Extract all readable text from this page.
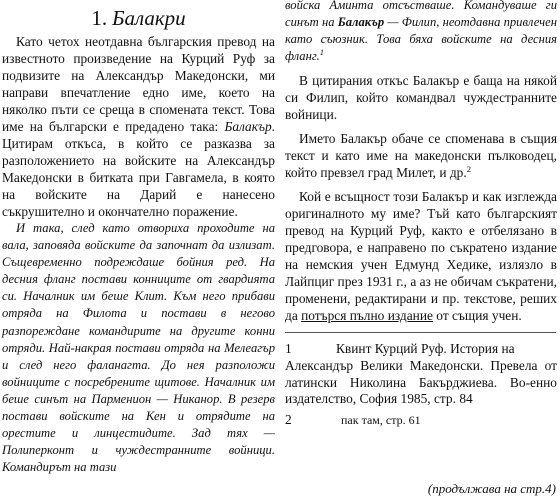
1. Балакри

Като четох неотдавна българския превод на известното произведение на Курций Руф за подвизите на Александър Македонски, ми направи впечатление едно име, което на няколко пъти се среща в спомената текст. Това име на български е предадено така: Балакър. Цитирам откъса, в който се разказва за разположението на войските на Александър Македонски в битката при Гавгамела, в която на войските на Дарий е нанесено съкрушително и окончателно поражение.

И така, след като отворихa проходите на вала, заповяда войските да започнат да излизат. Същевременно подреждаше бойния ред. На десния фланг постави конниците от гвардията си. Началник им беше Клит. Към него прибави отряда на Филота и постави в негово разпореждане командирите на другите конни отряди. Най-накрая постави отряда на Мелеагър и след него фаланагта. До нея разположи войниците с посребрените щитове. Началник им беше синът на Парменион — Никанор. В резерв постави войските на Кен и отрядите на орестите и линцестидите. Зад тях — Полиперконт и чуждестранните войници. Командирът на тази

войска Аминта отсъстваше. Командуваше ги синът на Балакър — Филип, неотдавна привлечен като съюзник. Това бяха войските на десния фланг.$^1$

В цитирания откъс Балакър е баща на някой си Филип, който командвал чуждестранните войници.

Името Балакър обаче се споменава в същия текст и като име на македонски пълководец, който превзел град Милет, и др.$^2$

Кой е всъщност този Балакър и как изглежда оригиналното му име? Тъй като българският превод на Курций Руф, както е отбелязано в предговора, е направено по съкратено издание на немския учен Едмунд Хедике, излязло в Лайпциг през 1931 г., а аз не обичам съкратени, променени, редактирани и пр. текстове, реших да потърся пълно издание от същия учен.

1	Квинт Курций Руф. История на
Александър Велики Македонски. Превела от латински Николина Бакърджиева. Во-енно издателство, София 1985, стр. 84
2	пак там, стр. 61
(продължава на стр.4)
